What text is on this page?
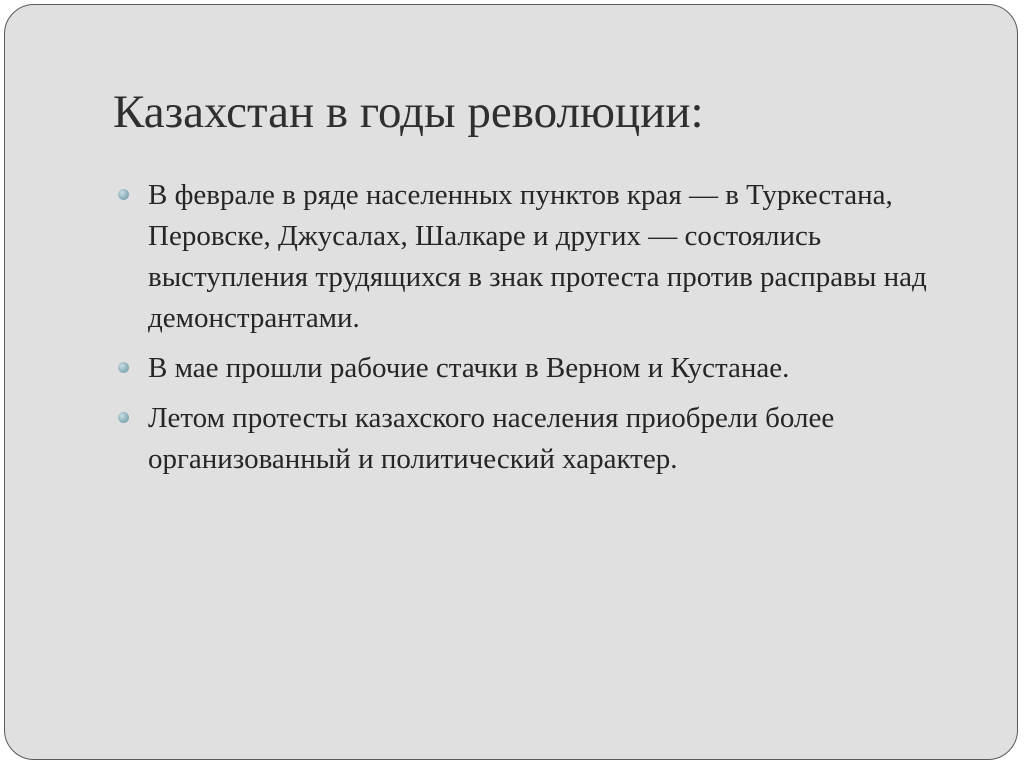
Казахстан в годы революции:
В феврале в ряде населенных пунктов края — в Туркестана, Перовске, Джусалах, Шалкаре и других — состоялись выступления трудящихся в знак протеста против расправы над демонстрантами.
В мае прошли рабочие стачки в Верном и Кустанае.
Летом протесты казахского населения приобрели более организованный и политический характер.
